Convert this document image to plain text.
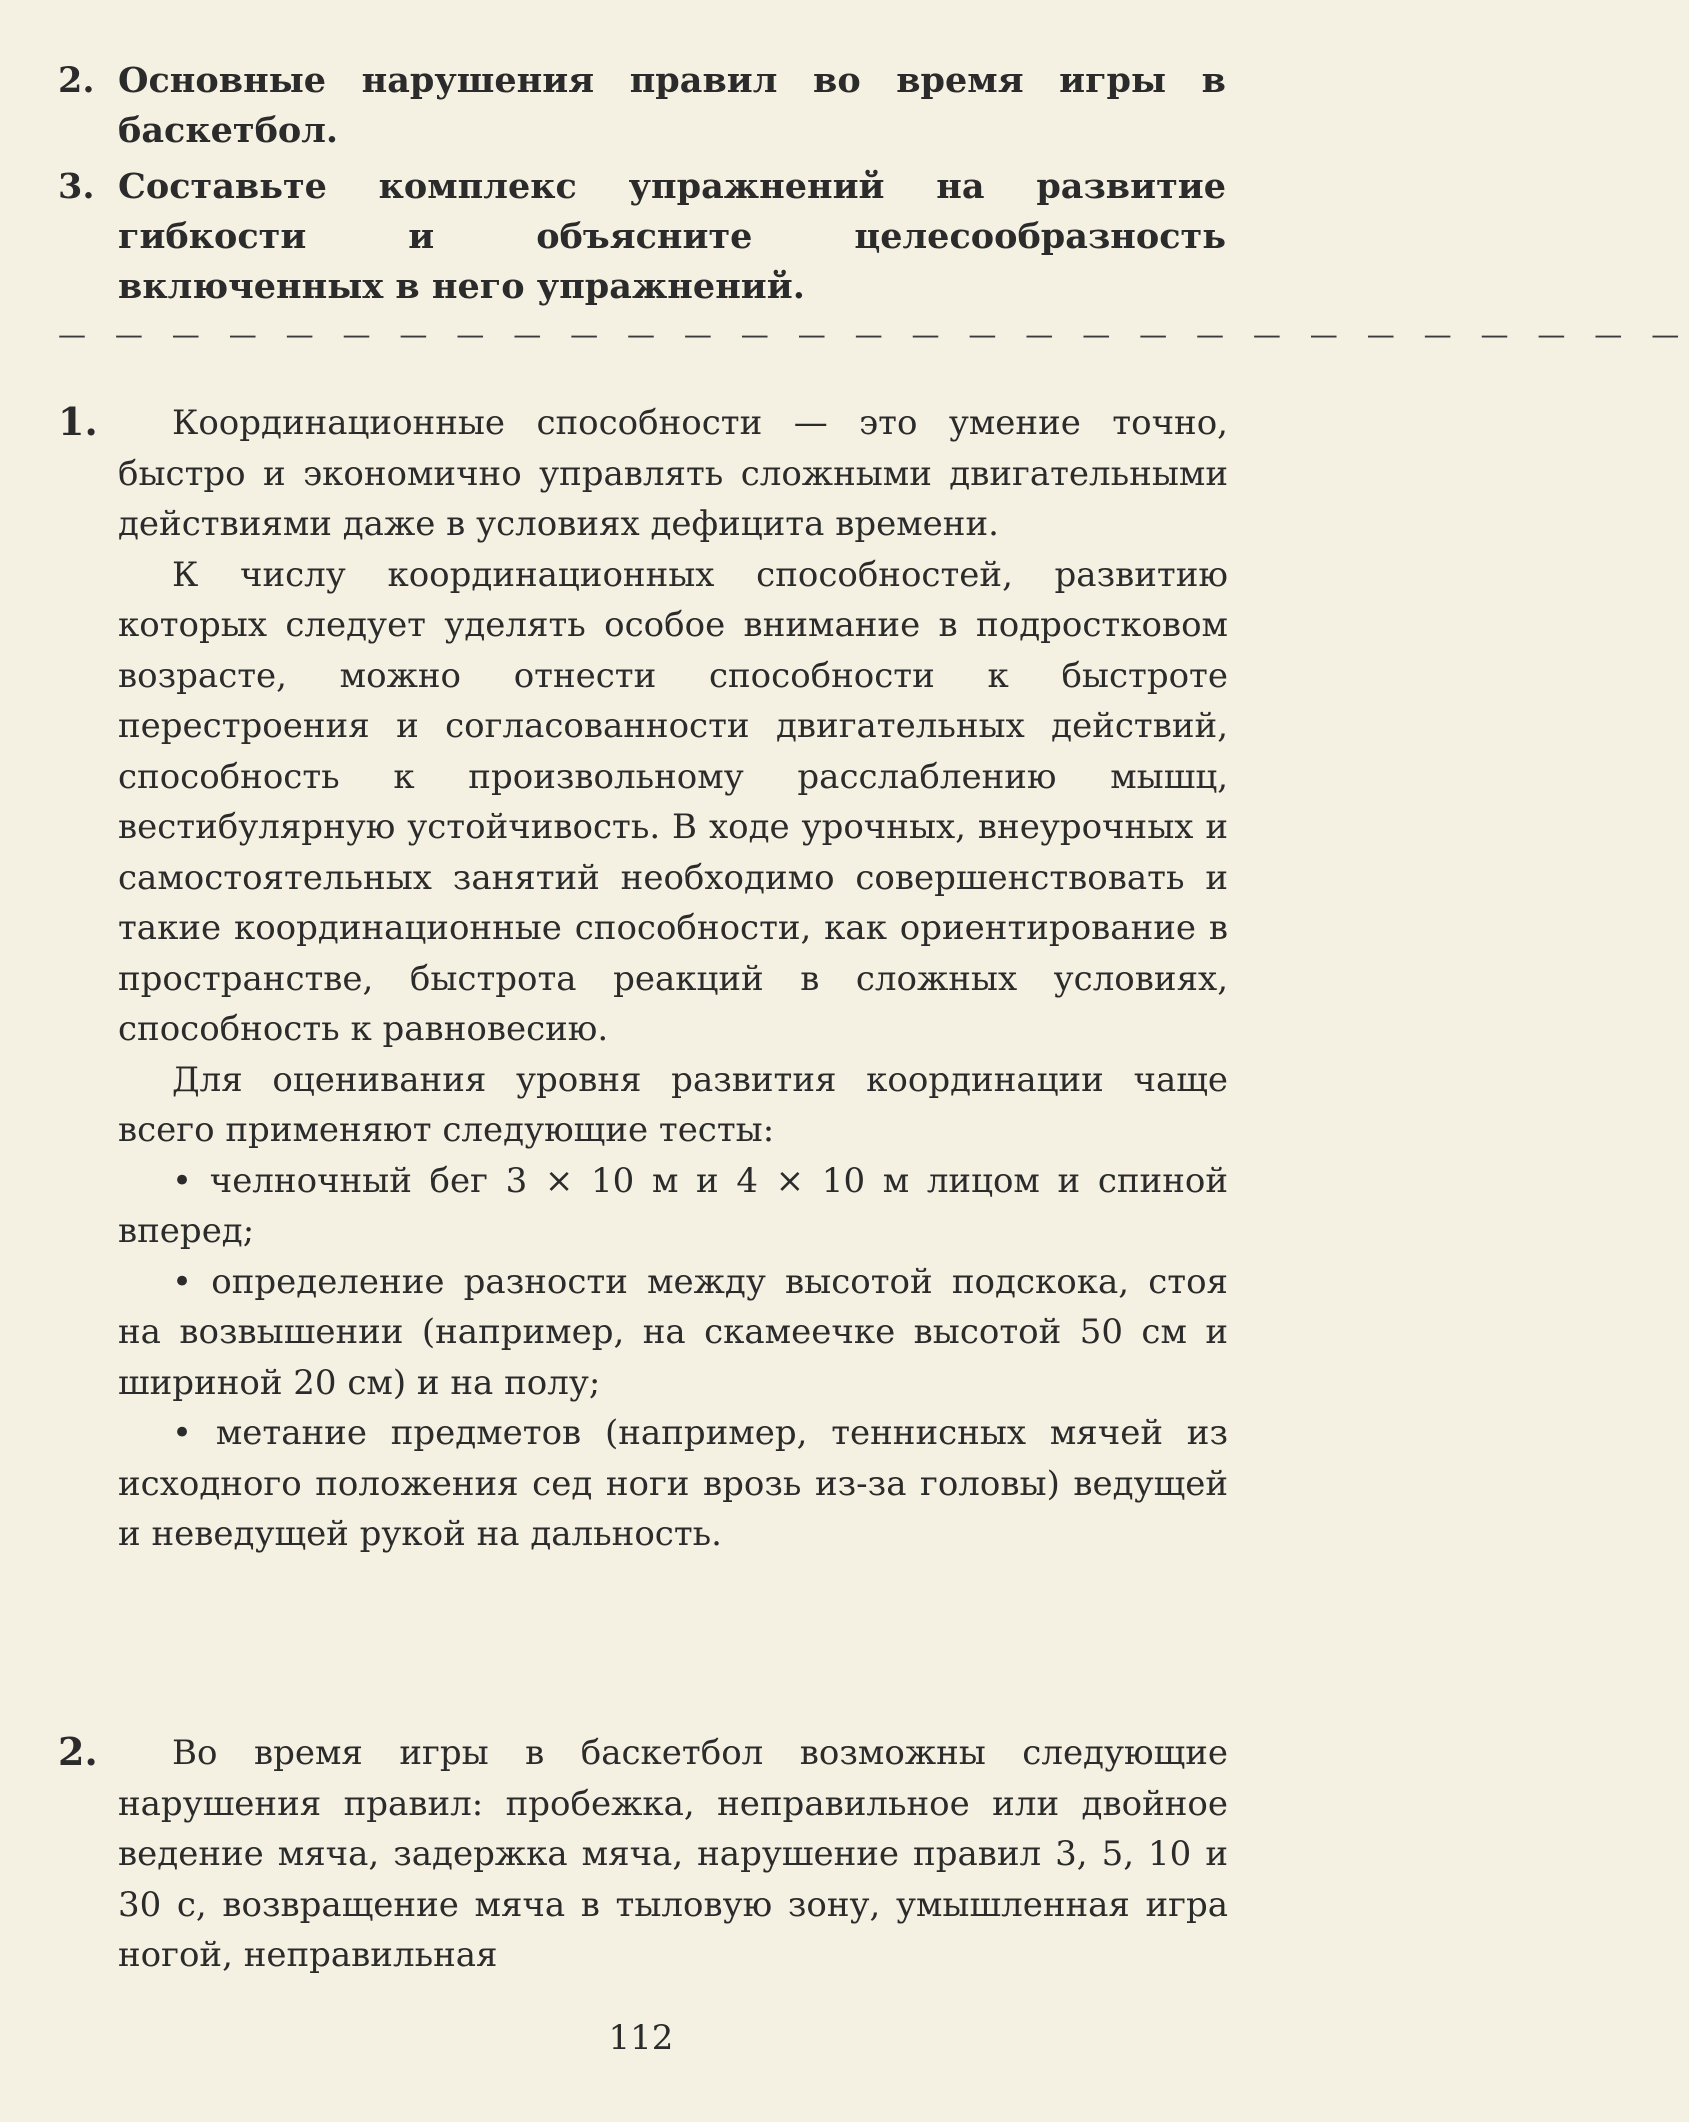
2. Основные нарушения правил во время игры в баскетбол.
3. Составьте комплекс упражнений на развитие гибкости и объясните целесообразность включенных в него упражнений.
— — — — — — — — — — — — — — — — — — — — — — — — — — — — —
1.	Координационные способности — это умение точно, быстро и экономично управлять сложными двигательными действиями даже в условиях дефицита времени.

К числу координационных способностей, развитию которых следует уделять особое внимание в подростковом возрасте, можно отнести способности к быстроте перестроения и согласованности двигательных действий, способность к произвольному расслаблению мышц, вестибулярную устойчивость. В ходе урочных, внеурочных и самостоятельных занятий необходимо совершенствовать и такие координационные способности, как ориентирование в пространстве, быстрота реакций в сложных условиях, способность к равновесию.

Для оценивания уровня развития координации чаще всего применяют следующие тесты:

• челночный бег 3 × 10 м и 4 × 10 м лицом и спиной вперед;

• определение разности между высотой подскока, стоя на возвышении (например, на скамеечке высотой 50 см и шириной 20 см) и на полу;

• метание предметов (например, теннисных мячей из исходного положения сед ноги врозь из-за головы) ведущей и неведущей рукой на дальность.

2.	Во время игры в баскетбол возможны следующие нарушения правил: пробежка, неправильное или двойное ведение мяча, задержка мяча, нарушение правил 3, 5, 10 и 30 с, возвращение мяча в тыловую зону, умышленная игра ногой, неправильная

112
